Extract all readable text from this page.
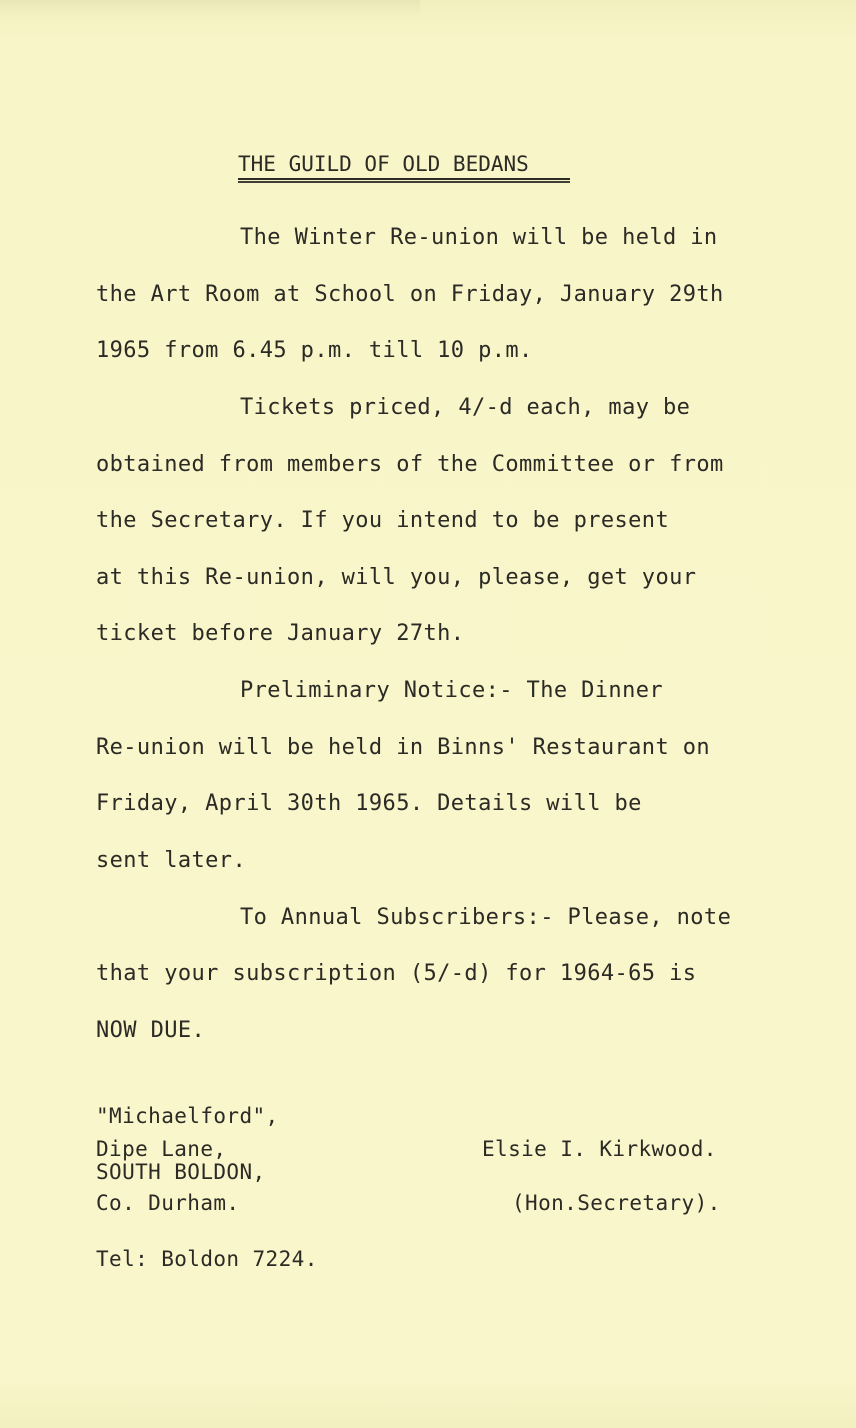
THE GUILD OF OLD BEDANS
The Winter Re-union will be held in
the Art Room at School on Friday, January 29th
1965 from 6.45 p.m. till 10 p.m.
Tickets priced, 4/-d each, may be
obtained from members of the Committee or from
the Secretary. If you intend to be present
at this Re-union, will you, please, get your
ticket before January 27th.
Preliminary Notice:- The Dinner
Re-union will be held in Binns' Restaurant on
Friday, April 30th 1965. Details will be
sent later.
To Annual Subscribers:- Please, note
that your subscription (5/-d) for 1964-65 is
NOW DUE.
"Michaelford",
Dipe Lane,
SOUTH BOLDON,
Co. Durham.
Elsie I. Kirkwood.
(Hon.Secretary).
Tel: Boldon 7224.
